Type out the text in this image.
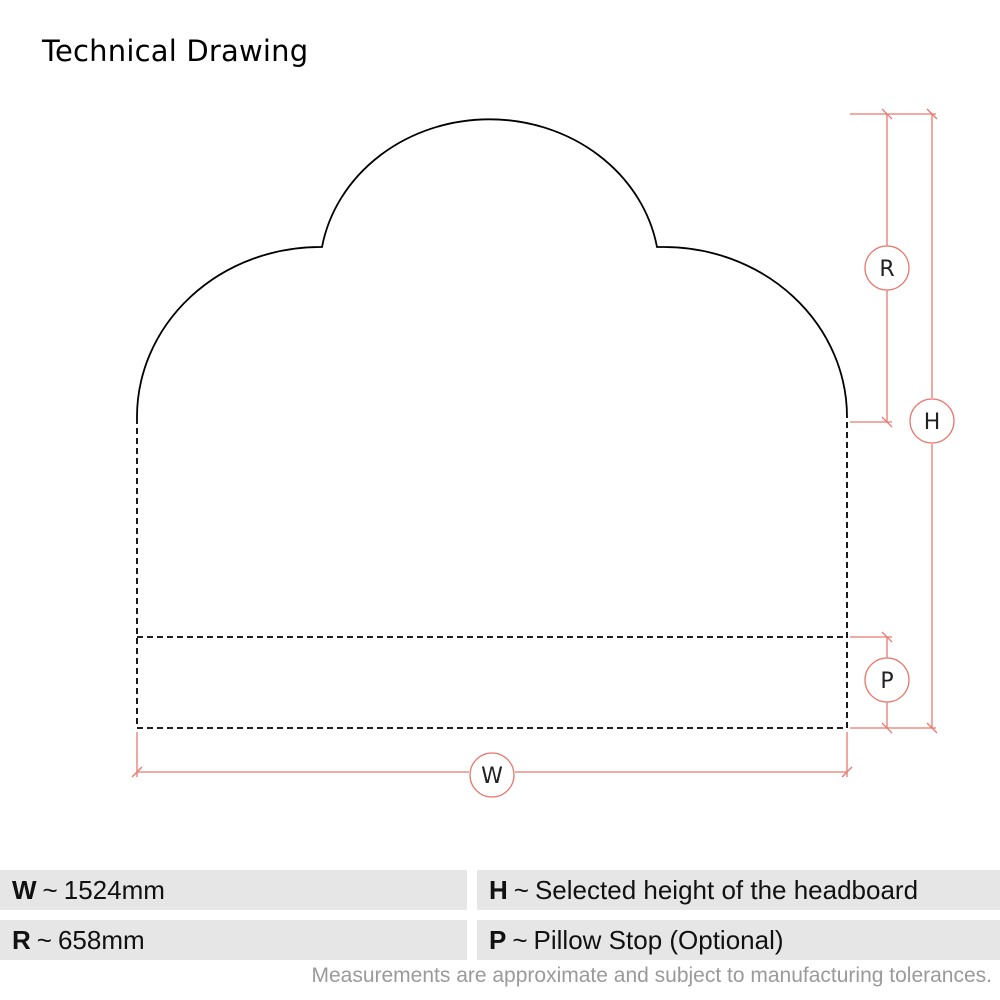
Technical Drawing
R
H
P
W
W ~ 1524mm	H ~ Selected height of the headboard
R ~ 658mm	P ~ Pillow Stop (Optional)
Measurements are approximate and subject to manufacturing tolerances.
